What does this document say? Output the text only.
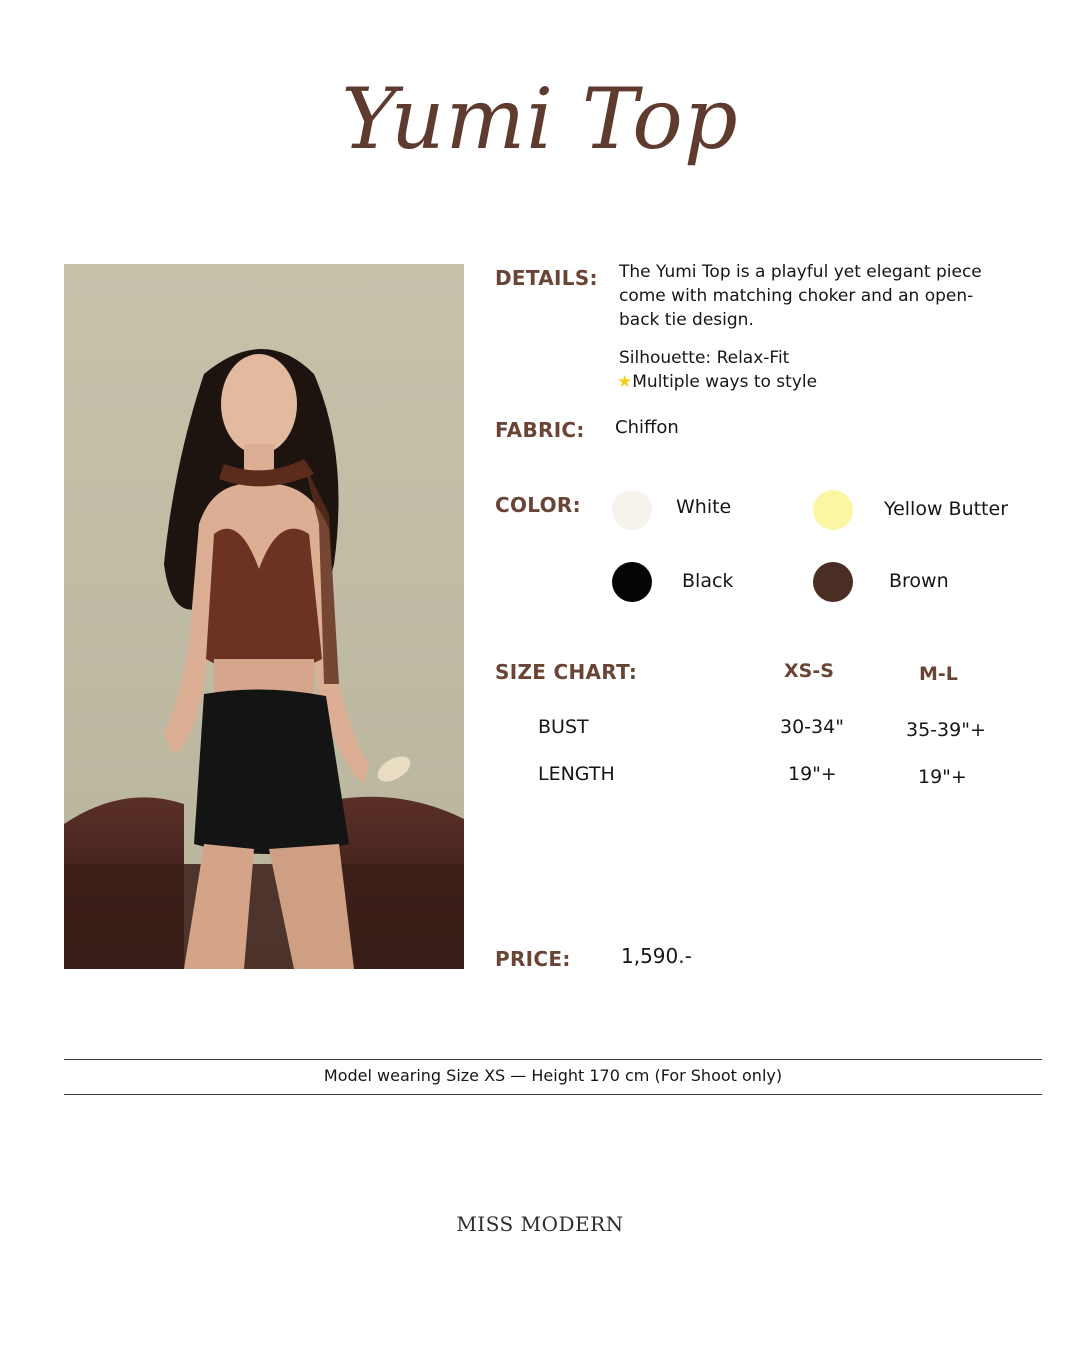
Yumi Top
DETAILS: The Yumi Top is a playful yet elegant piece
come with matching choker and an open-
back tie design.
Silhouette: Relax-Fit
★Multiple ways to style
FABRIC: Chiffon
COLOR:	White	Yellow Butter
Black	Brown
SIZE CHART:	XS-S	M-L
BUST	30-34"	35-39"+
LENGTH	19"+	19"+
PRICE:	1,590.-
Model wearing Size XS — Height 170 cm (For Shoot only)
MISS MODERN
